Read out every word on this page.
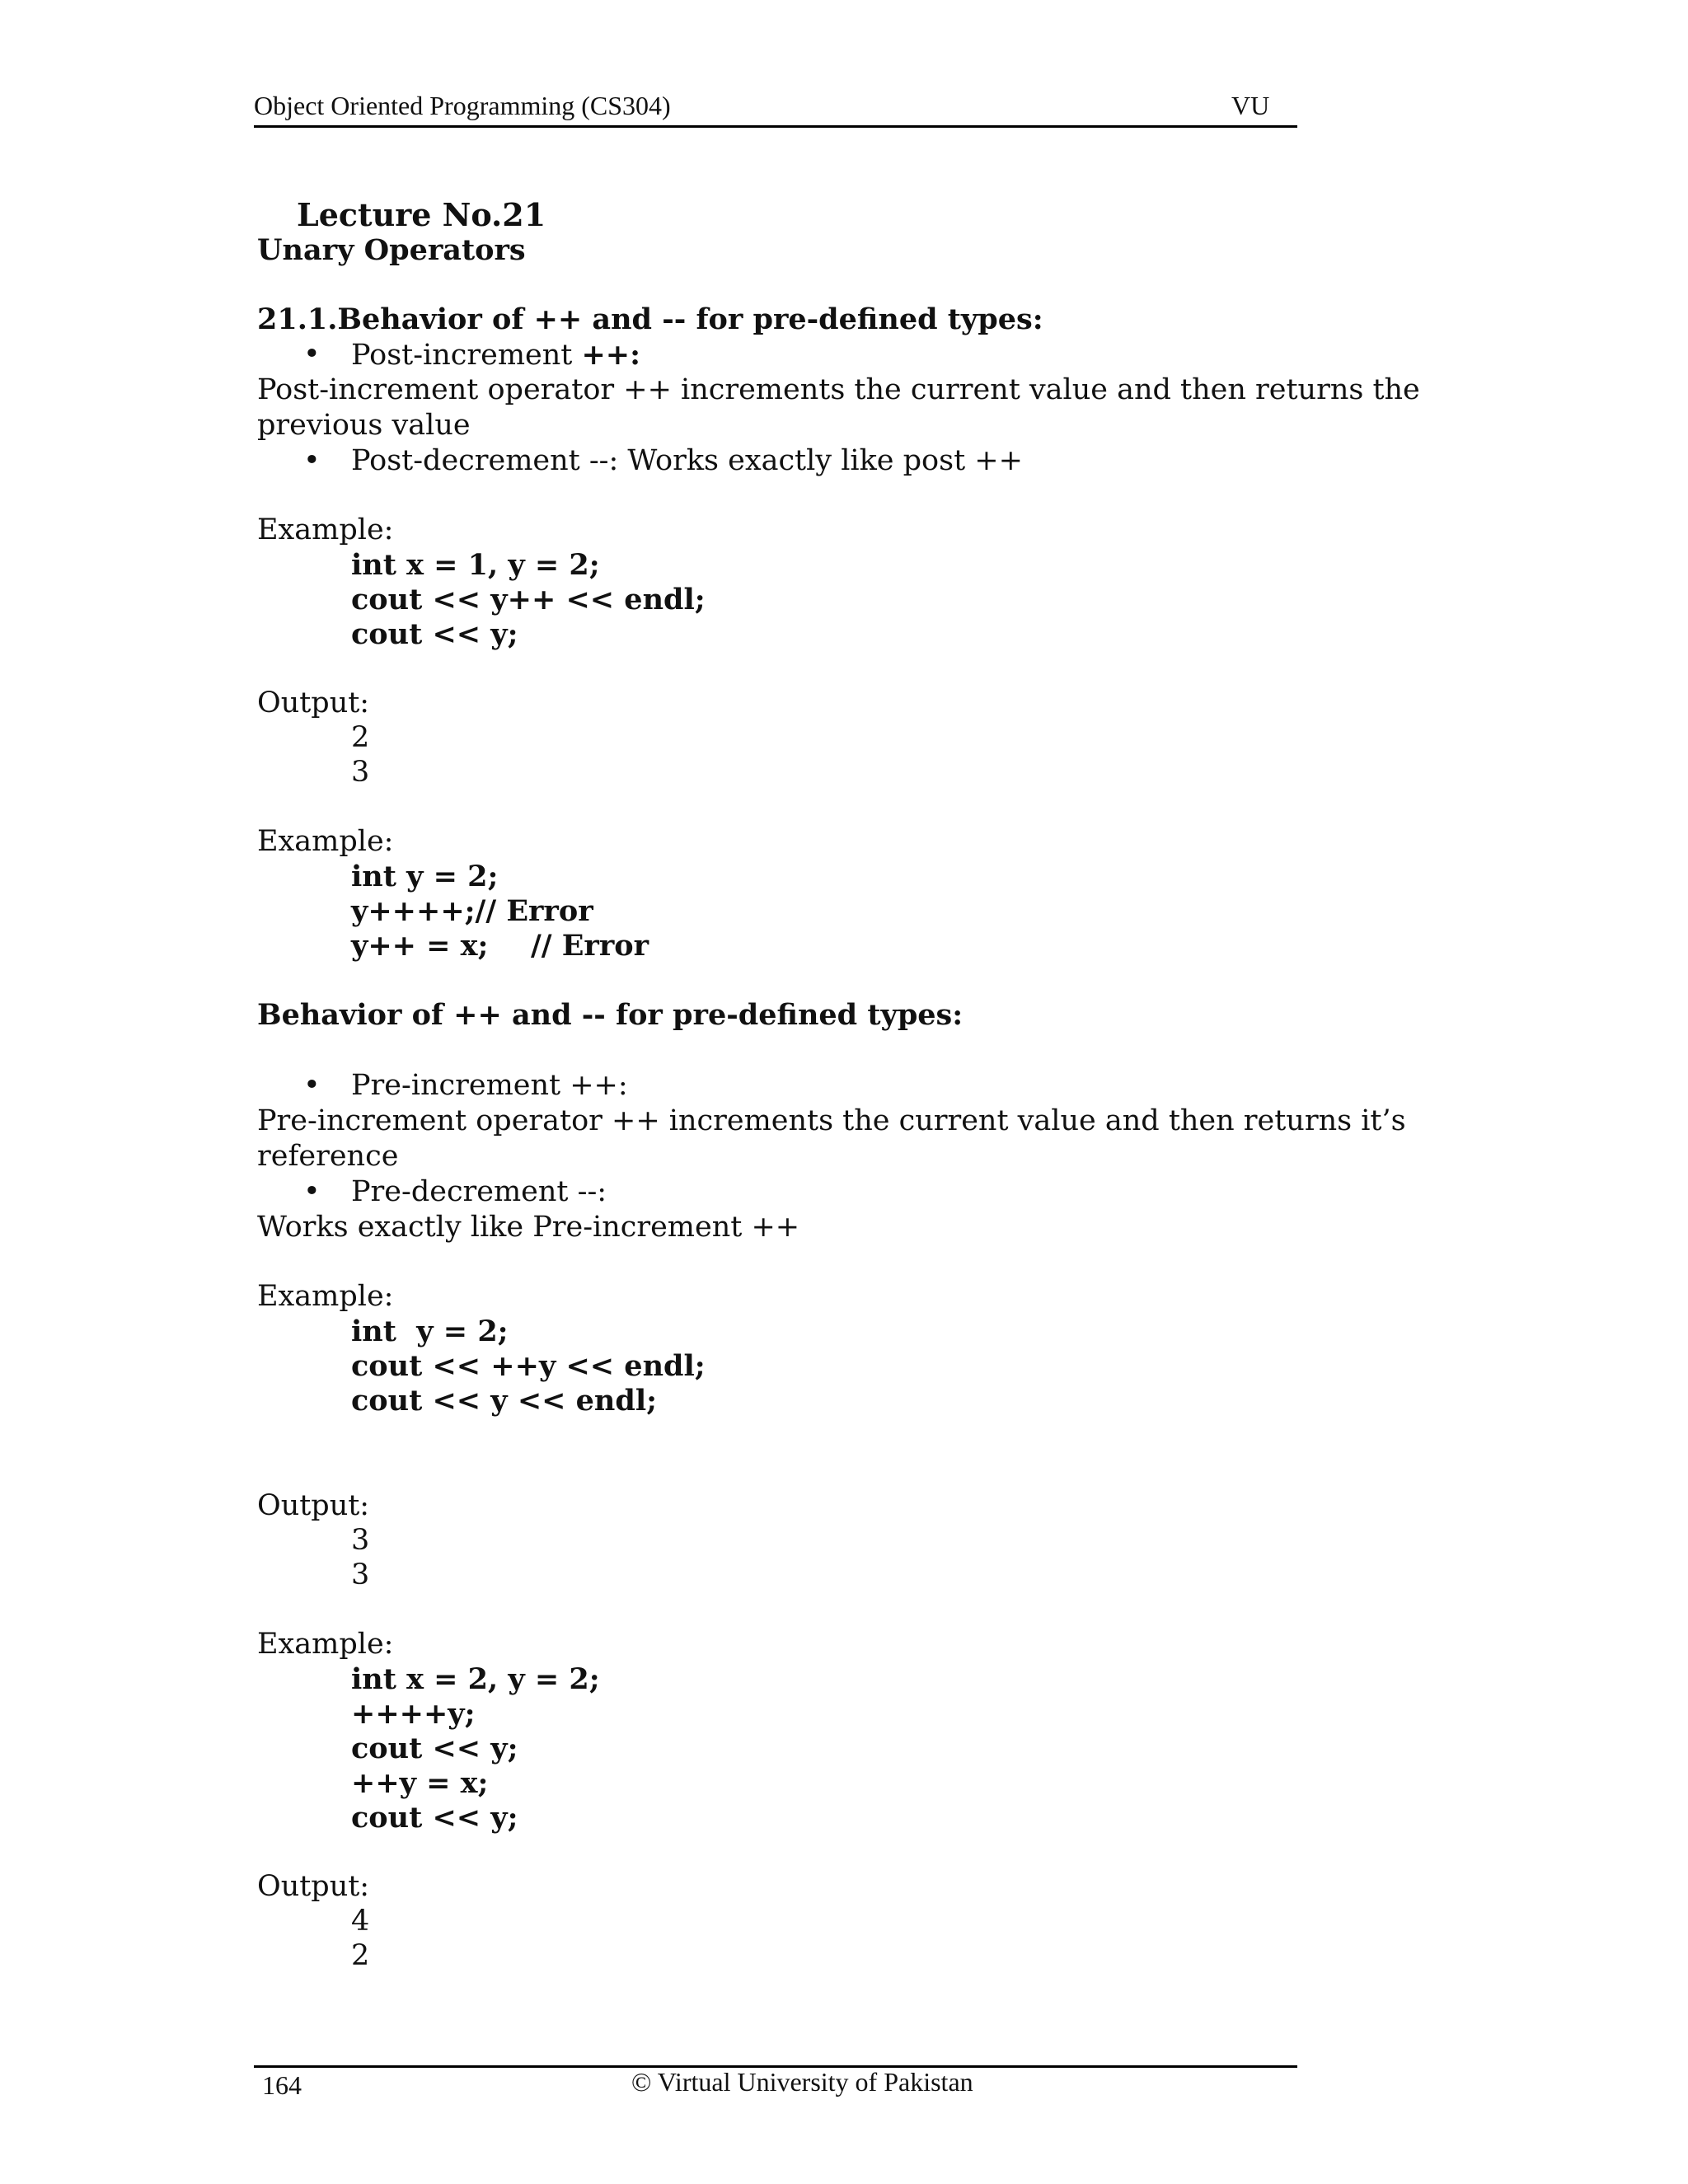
Object Oriented Programming (CS304)	VU
Lecture No.21
Unary Operators
21.1.Behavior of ++ and -- for pre-defined types:
• Post-increment ++:
Post-increment operator ++ increments the current value and then returns the
previous value
• Post-decrement --: Works exactly like post ++
Example:
int x = 1, y = 2;
cout << y++ << endl;
cout << y;
Output:
2
3
Example:
int y = 2;
y++++;// Error
y++ = x; // Error
Behavior of ++ and -- for pre-defined types:
• Pre-increment ++:
Pre-increment operator ++ increments the current value and then returns it’s
reference
• Pre-decrement --:
Works exactly like Pre-increment ++
Example:
int  y = 2;
cout << ++y << endl;
cout << y << endl;
Output:
3
3
Example:
int x = 2, y = 2;
++++y;
cout << y;
++y = x;
cout << y;
Output:
4
2
164	© Virtual University of Pakistan
